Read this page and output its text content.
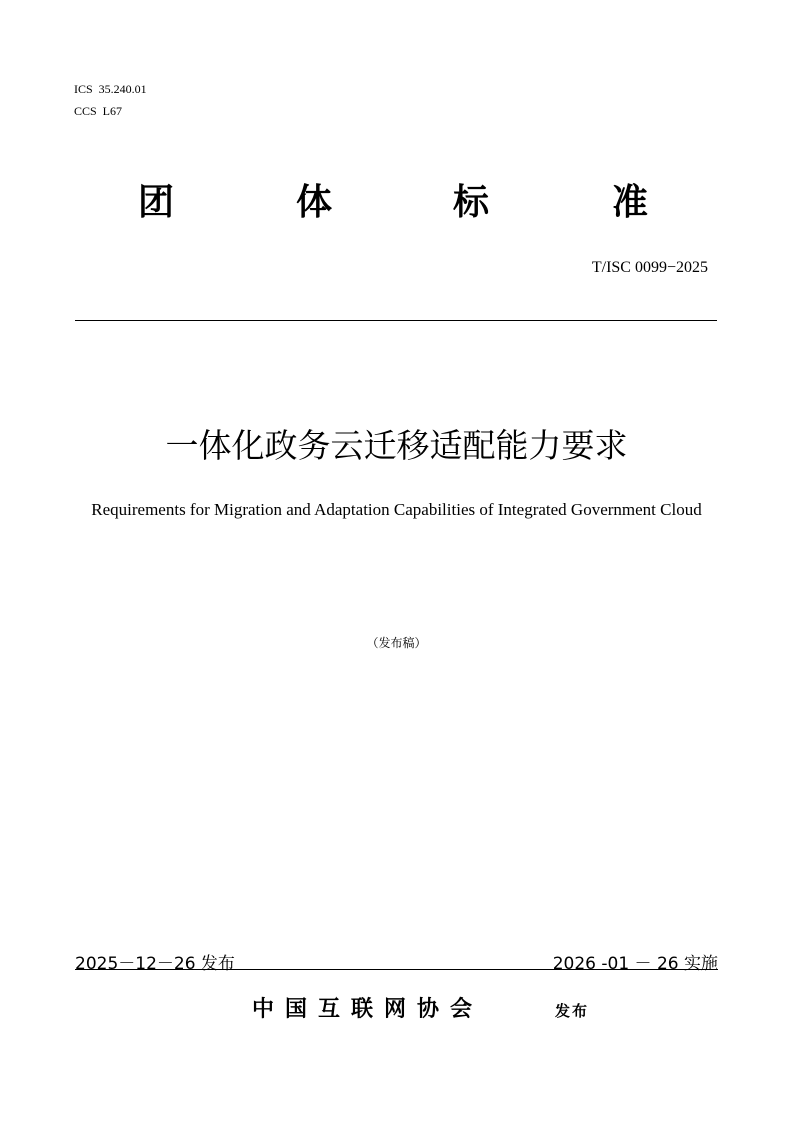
ICS  35.240.01
CCS  L67
团	体	标	准
T/ISC 0099−2025
一体化政务云迁移适配能力要求
Requirements for Migration and Adaptation Capabilities of Integrated Government Cloud
（发布稿）
2025－12－26 发布	2026 -01 － 26 实施
中国互联网协会	发布
